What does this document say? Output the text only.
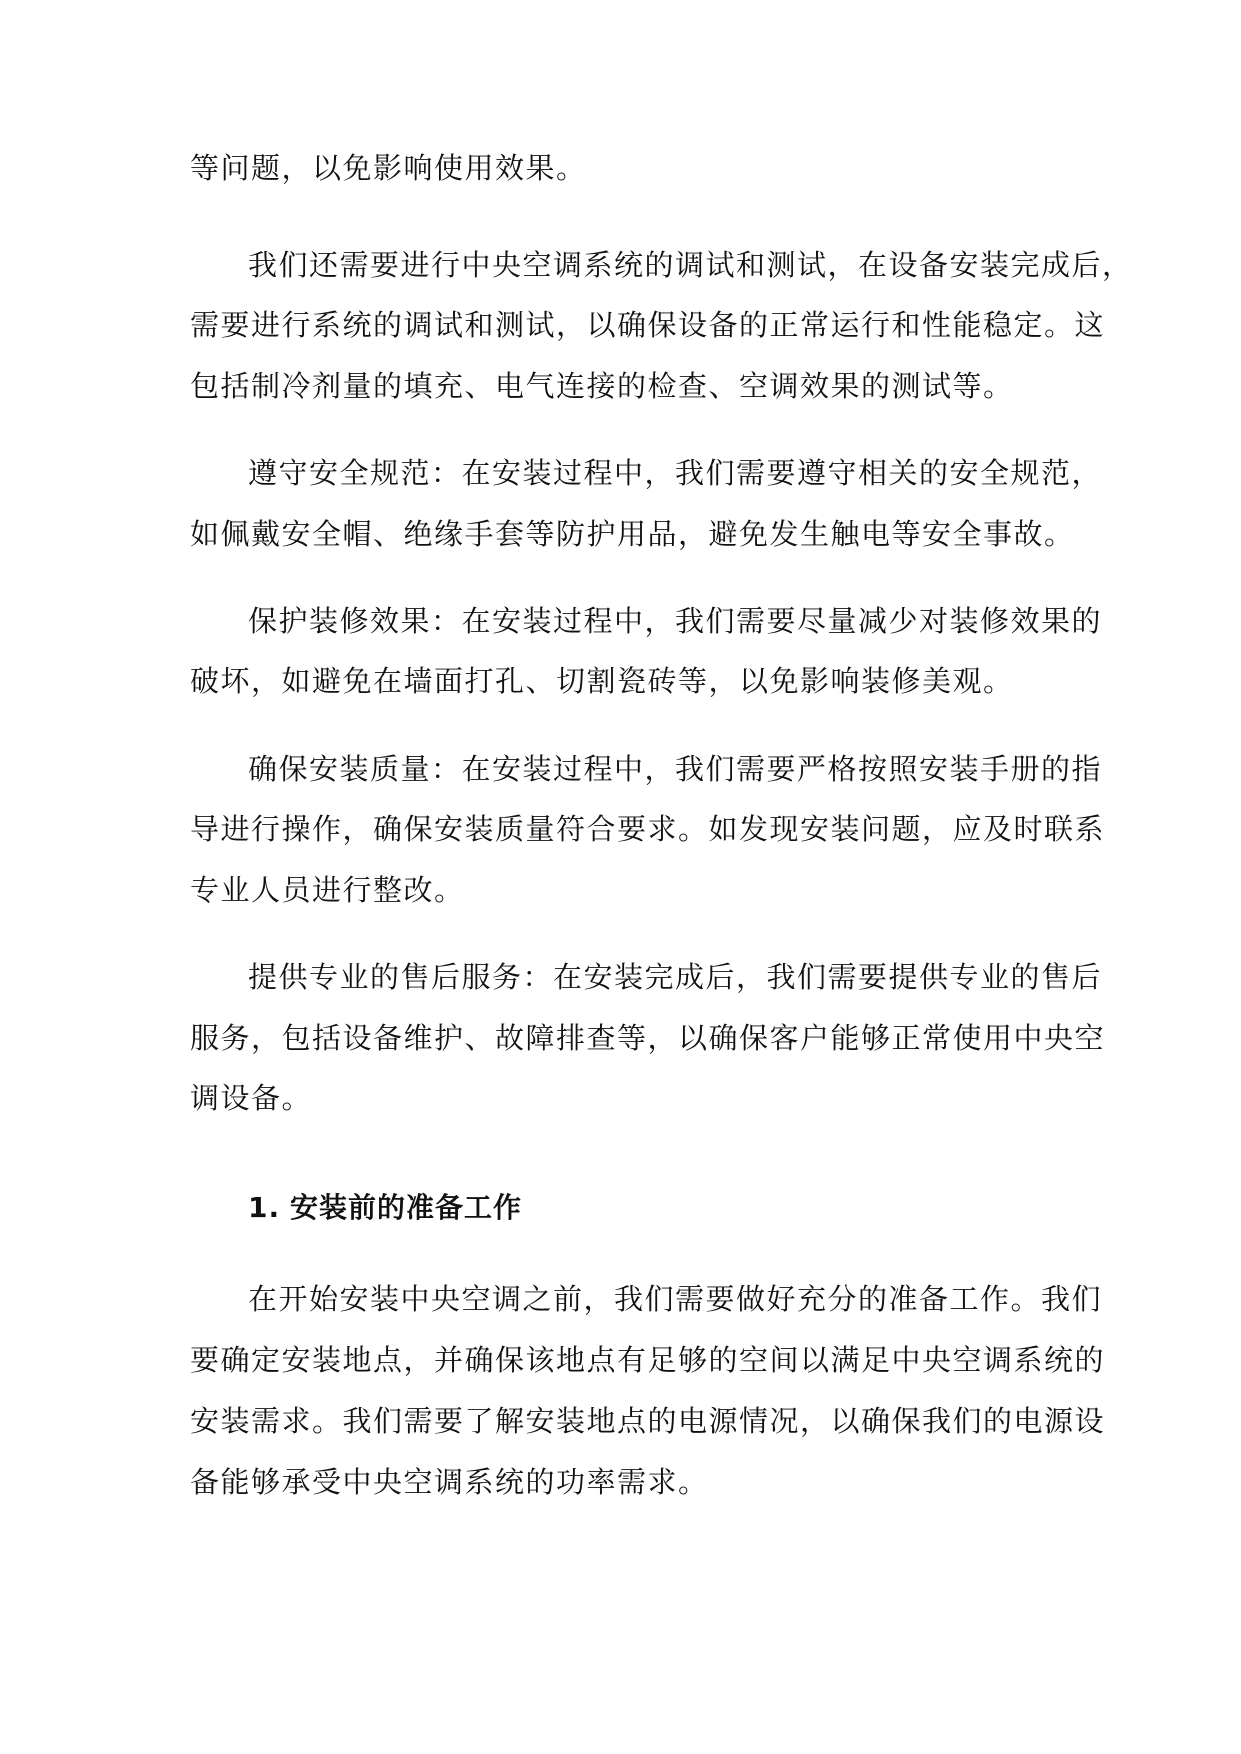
等问题，以免影响使用效果。
我们还需要进行中央空调系统的调试和测试，在设备安装完成后，
需要进行系统的调试和测试，以确保设备的正常运行和性能稳定。这
包括制冷剂量的填充、电气连接的检查、空调效果的测试等。
遵守安全规范：在安装过程中，我们需要遵守相关的安全规范，
如佩戴安全帽、绝缘手套等防护用品，避免发生触电等安全事故。
保护装修效果：在安装过程中，我们需要尽量减少对装修效果的
破坏，如避免在墙面打孔、切割瓷砖等，以免影响装修美观。
确保安装质量：在安装过程中，我们需要严格按照安装手册的指
导进行操作，确保安装质量符合要求。如发现安装问题，应及时联系
专业人员进行整改。
提供专业的售后服务：在安装完成后，我们需要提供专业的售后
服务，包括设备维护、故障排查等，以确保客户能够正常使用中央空
调设备。
1. 安装前的准备工作
在开始安装中央空调之前，我们需要做好充分的准备工作。我们
要确定安装地点，并确保该地点有足够的空间以满足中央空调系统的
安装需求。我们需要了解安装地点的电源情况，以确保我们的电源设
备能够承受中央空调系统的功率需求。
